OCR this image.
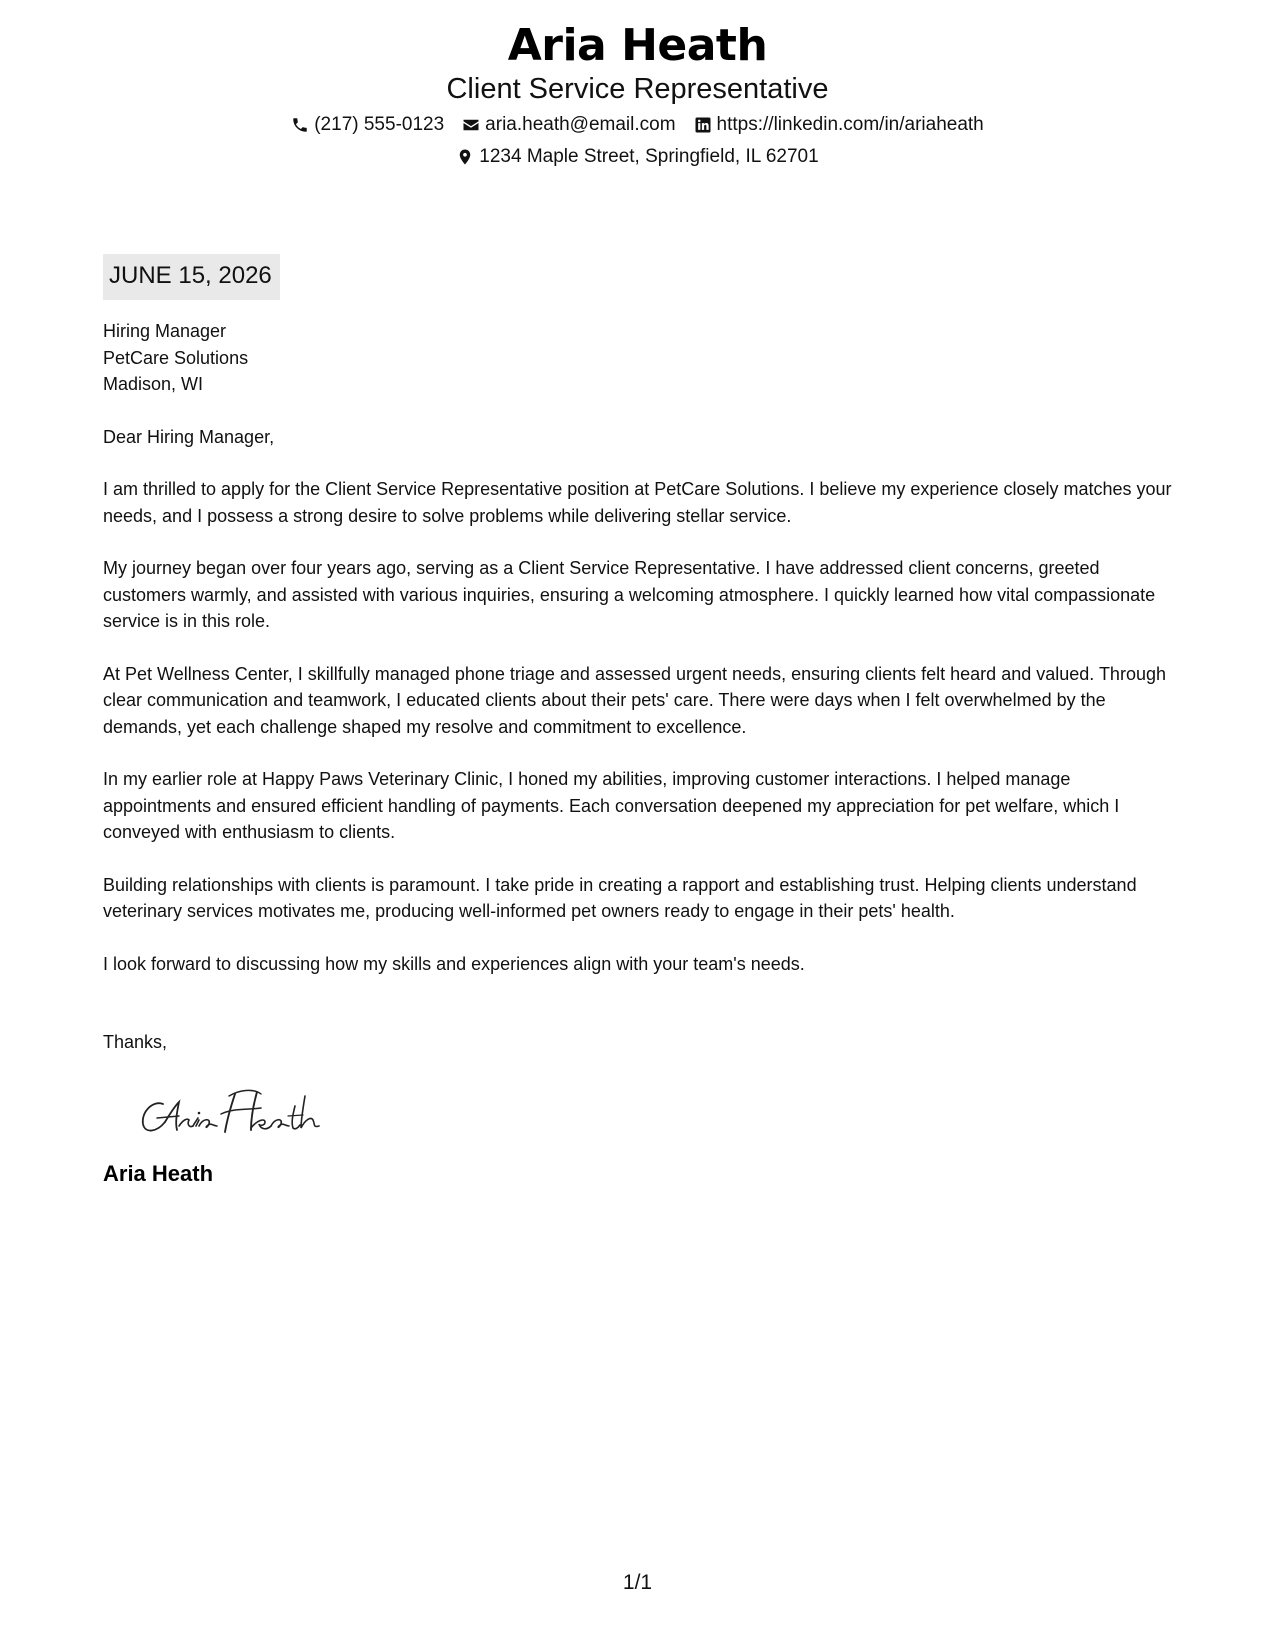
Aria Heath
Client Service Representative
(217) 555-0123 aria.heath@email.com https://linkedin.com/in/ariaheath
1234 Maple Street, Springfield, IL 62701
JUNE 15, 2026
Hiring Manager
PetCare Solutions
Madison, WI
Dear Hiring Manager,

I am thrilled to apply for the Client Service Representative position at PetCare Solutions. I believe my experience closely matches your needs, and I possess a strong desire to solve problems while delivering stellar service.

My journey began over four years ago, serving as a Client Service Representative. I have addressed client concerns, greeted customers warmly, and assisted with various inquiries, ensuring a welcoming atmosphere. I quickly learned how vital compassionate service is in this role.

At Pet Wellness Center, I skillfully managed phone triage and assessed urgent needs, ensuring clients felt heard and valued. Through clear communication and teamwork, I educated clients about their pets' care. There were days when I felt overwhelmed by the demands, yet each challenge shaped my resolve and commitment to excellence.

In my earlier role at Happy Paws Veterinary Clinic, I honed my abilities, improving customer interactions. I helped manage appointments and ensured efficient handling of payments. Each conversation deepened my appreciation for pet welfare, which I conveyed with enthusiasm to clients.

Building relationships with clients is paramount. I take pride in creating a rapport and establishing trust. Helping clients understand veterinary services motivates me, producing well-informed pet owners ready to engage in their pets' health.

I look forward to discussing how my skills and experiences align with your team's needs.

Thanks,
Aria Heath
1/1
